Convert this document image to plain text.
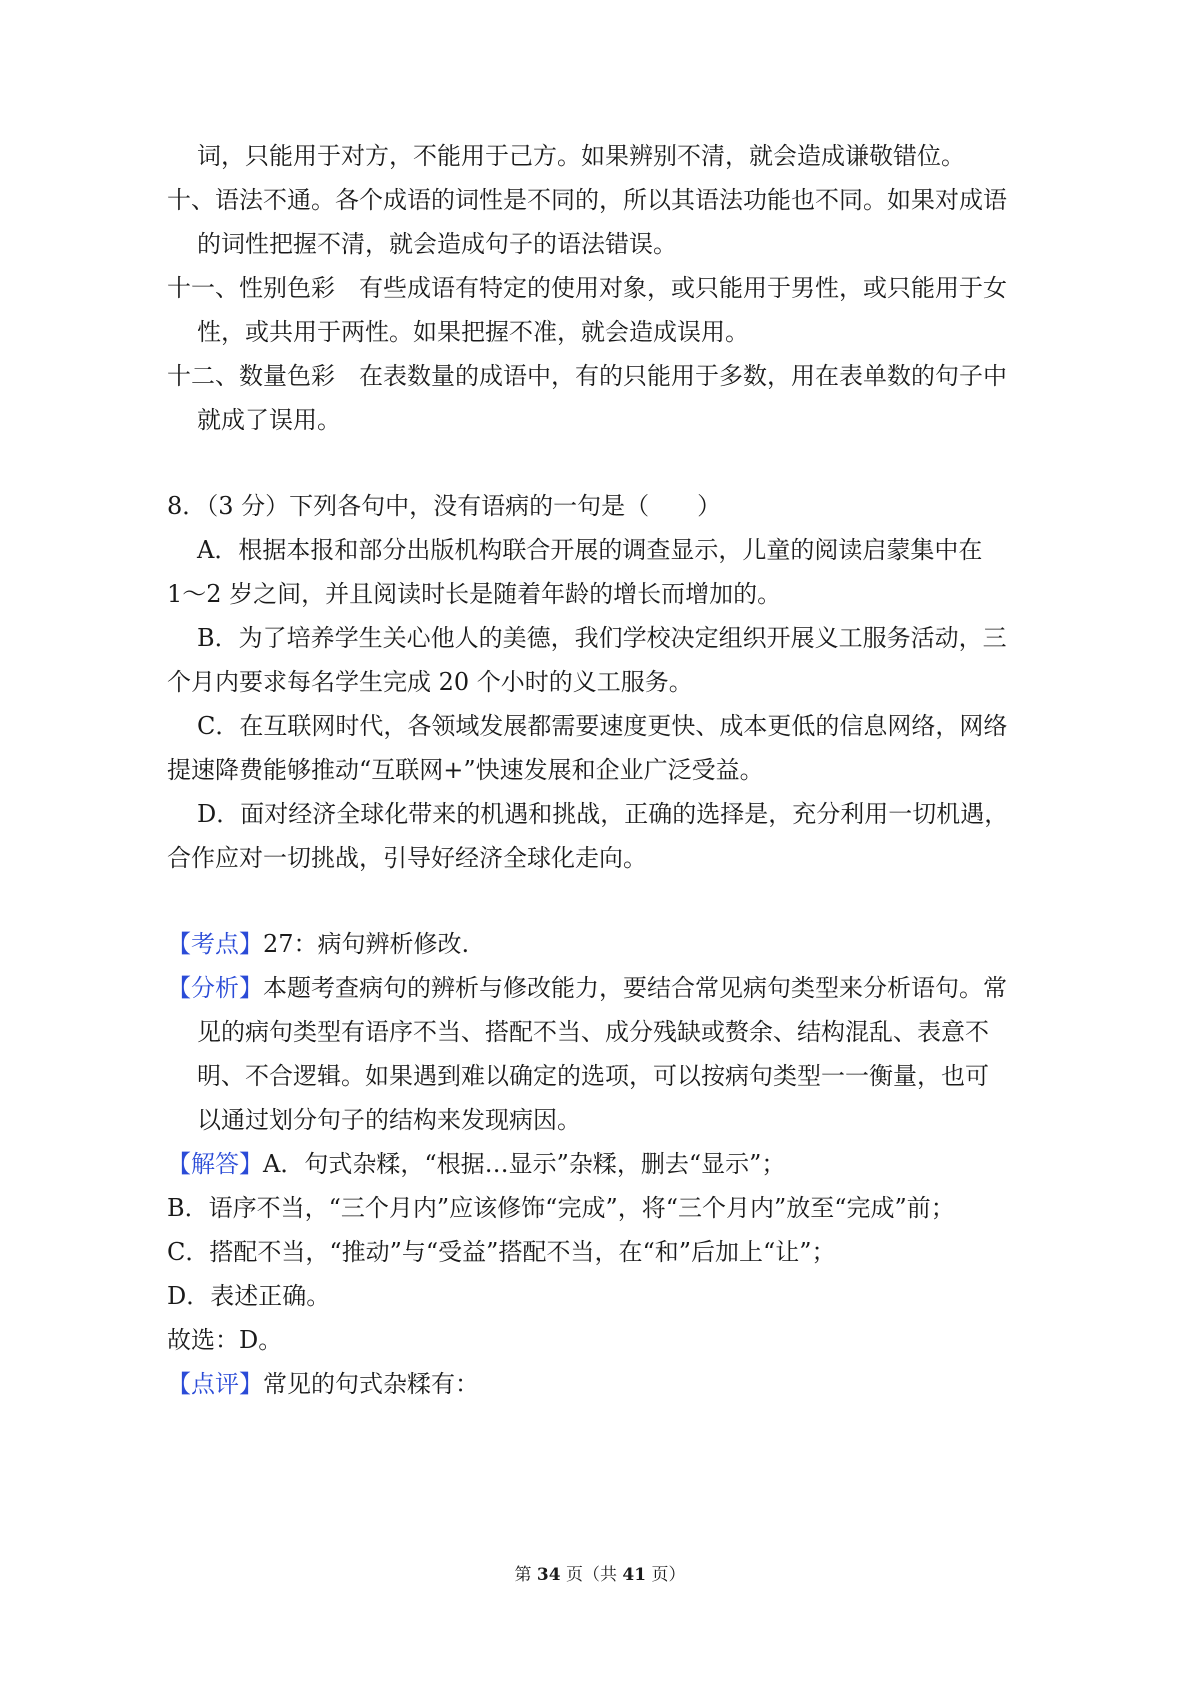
词，只能用于对方，不能用于己方。如果辨别不清，就会造成谦敬错位。
十、语法不通。各个成语的词性是不同的，所以其语法功能也不同。如果对成语
的词性把握不清，就会造成句子的语法错误。
十一、性别色彩　有些成语有特定的使用对象，或只能用于男性，或只能用于女
性，或共用于两性。如果把握不准，就会造成误用。
十二、数量色彩　在表数量的成语中，有的只能用于多数，用在表单数的句子中
就成了误用。
8．（3 分）下列各句中，没有语病的一句是（　　）
A．根据本报和部分出版机构联合开展的调查显示，儿童的阅读启蒙集中在
1～2 岁之间，并且阅读时长是随着年龄的增长而增加的。
B．为了培养学生关心他人的美德，我们学校决定组织开展义工服务活动，三
个月内要求每名学生完成 20 个小时的义工服务。
C．在互联网时代，各领域发展都需要速度更快、成本更低的信息网络，网络
提速降费能够推动“互联网+”快速发展和企业广泛受益。
D．面对经济全球化带来的机遇和挑战，正确的选择是，充分利用一切机遇，
合作应对一切挑战，引导好经济全球化走向。
【考点】27：病句辨析修改.
【分析】本题考查病句的辨析与修改能力，要结合常见病句类型来分析语句。常
见的病句类型有语序不当、搭配不当、成分残缺或赘余、结构混乱、表意不
明、不合逻辑。如果遇到难以确定的选项，可以按病句类型一一衡量，也可
以通过划分句子的结构来发现病因。
【解答】A．句式杂糅，“根据…显示”杂糅，删去“显示”；
B．语序不当，“三个月内”应该修饰“完成”，将“三个月内”放至“完成”前；
C．搭配不当，“推动”与“受益”搭配不当，在“和”后加上“让”；
D．表述正确。
故选：D。
【点评】常见的句式杂糅有：
第 34 页（共 41 页）
